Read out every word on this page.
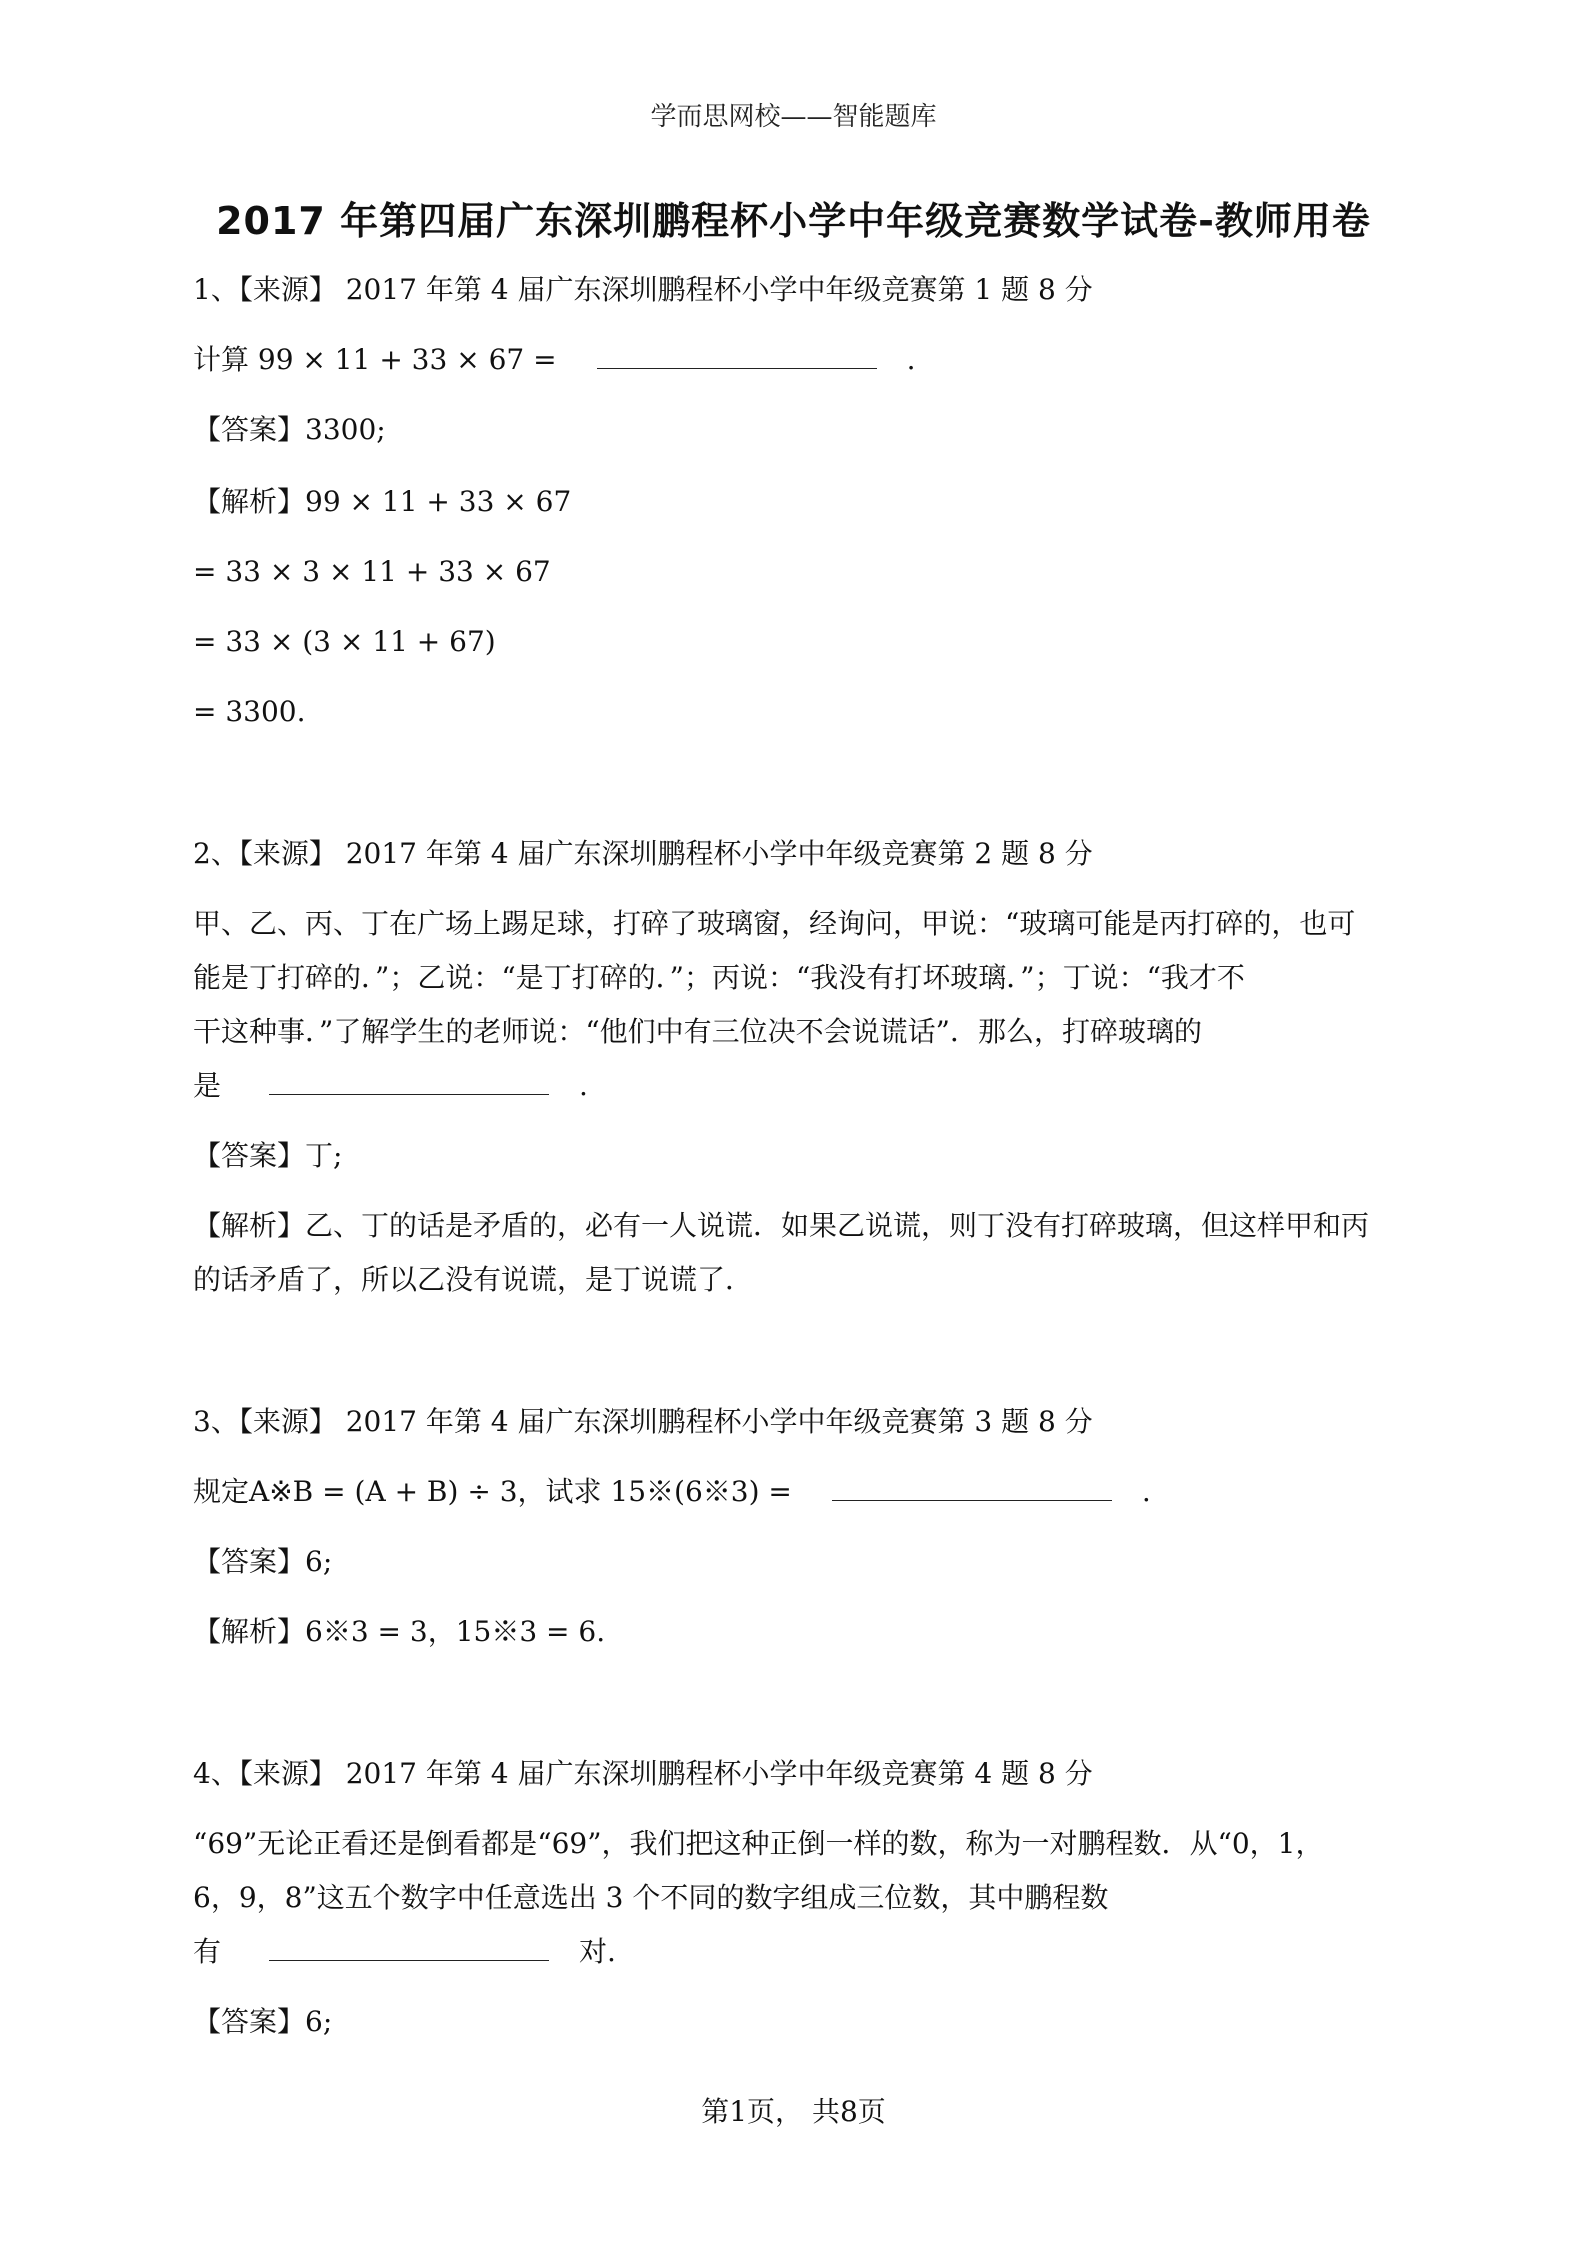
学而思网校——智能题库
2017 年第四届广东深圳鹏程杯小学中年级竞赛数学试卷-教师用卷
1、【来源】 2017 年第 4 届广东深圳鹏程杯小学中年级竞赛第 1 题 8 分
计算 99 × 11 + 33 × 67 =	.
【答案】3300;
【解析】99 × 11 + 33 × 67
= 33 × 3 × 11 + 33 × 67
= 33 × (3 × 11 + 67)
= 3300.
2、【来源】 2017 年第 4 届广东深圳鹏程杯小学中年级竞赛第 2 题 8 分
甲、乙、丙、丁在广场上踢足球，打碎了玻璃窗，经询问，甲说：“玻璃可能是丙打碎的，也可
能是丁打碎的．”；乙说：“是丁打碎的．”；丙说：“我没有打坏玻璃．”；丁说：“我才不
干这种事．”了解学生的老师说：“他们中有三位决不会说谎话”．那么，打碎玻璃的
是	.
【答案】丁;
【解析】乙、丁的话是矛盾的，必有一人说谎．如果乙说谎，则丁没有打碎玻璃，但这样甲和丙
的话矛盾了，所以乙没有说谎，是丁说谎了．
3、【来源】 2017 年第 4 届广东深圳鹏程杯小学中年级竞赛第 3 题 8 分
规定A※B = (A + B) ÷ 3，试求 15※(6※3) =	.
【答案】6;
【解析】6※3 = 3，15※3 = 6.
4、【来源】 2017 年第 4 届广东深圳鹏程杯小学中年级竞赛第 4 题 8 分
“69”无论正看还是倒看都是“69”，我们把这种正倒一样的数，称为一对鹏程数．从“0，1，
6，9，8”这五个数字中任意选出 3 个不同的数字组成三位数，其中鹏程数
有	对.
【答案】6;
第1页， 共8页
